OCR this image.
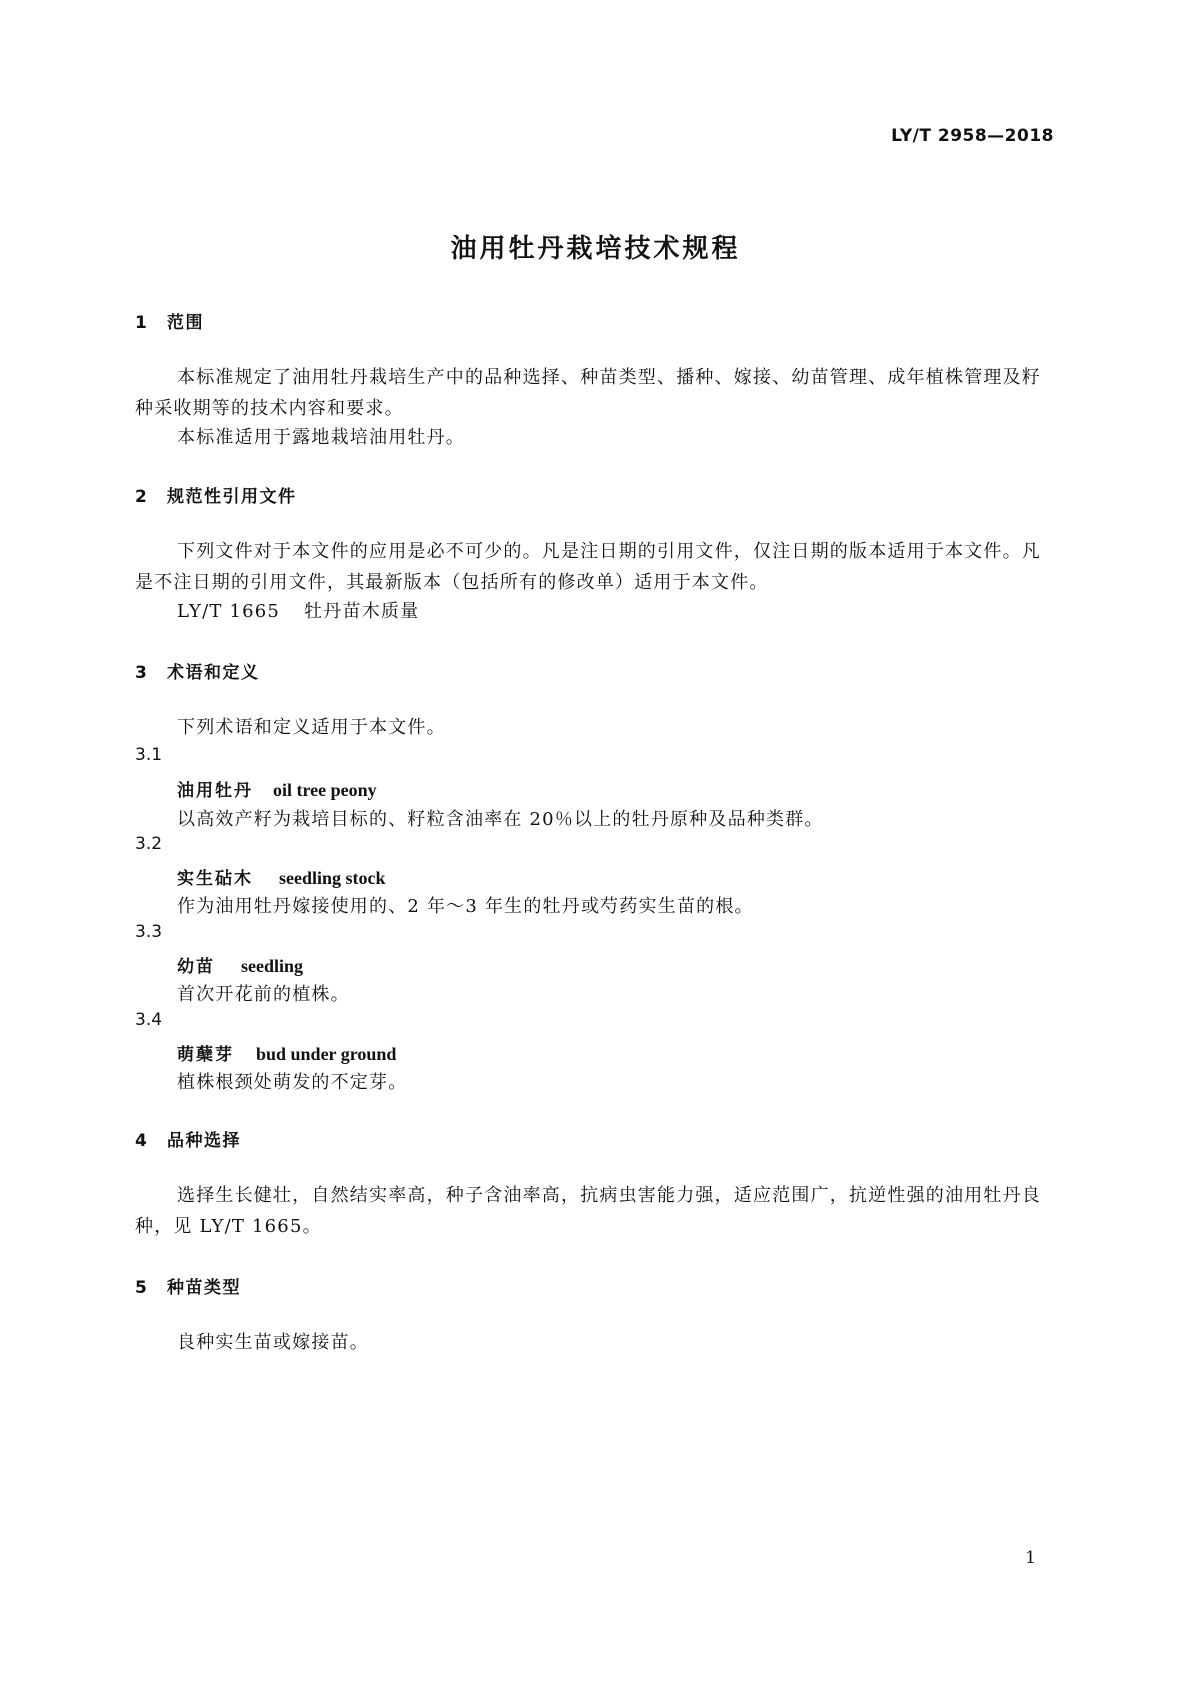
LY/T 2958—2018
油用牡丹栽培技术规程
1 范围
本标准规定了油用牡丹栽培生产中的品种选择、种苗类型、播种、嫁接、幼苗管理、成年植株管理及籽种采收期等的技术内容和要求。
本标准适用于露地栽培油用牡丹。
2 规范性引用文件
下列文件对于本文件的应用是必不可少的。凡是注日期的引用文件，仅注日期的版本适用于本文件。凡是不注日期的引用文件，其最新版本（包括所有的修改单）适用于本文件。
LY/T 1665 牡丹苗木质量
3 术语和定义
下列术语和定义适用于本文件。
3.1
油用牡丹 oil tree peony
以高效产籽为栽培目标的、籽粒含油率在 20％以上的牡丹原种及品种类群。
3.2
实生砧木 seedling stock
作为油用牡丹嫁接使用的、2 年～3 年生的牡丹或芍药实生苗的根。
3.3
幼苗 seedling
首次开花前的植株。
3.4
萌蘖芽 bud under ground
植株根颈处萌发的不定芽。
4 品种选择
选择生长健壮，自然结实率高，种子含油率高，抗病虫害能力强，适应范围广，抗逆性强的油用牡丹良种，见 LY/T 1665。
5 种苗类型
良种实生苗或嫁接苗。
1
